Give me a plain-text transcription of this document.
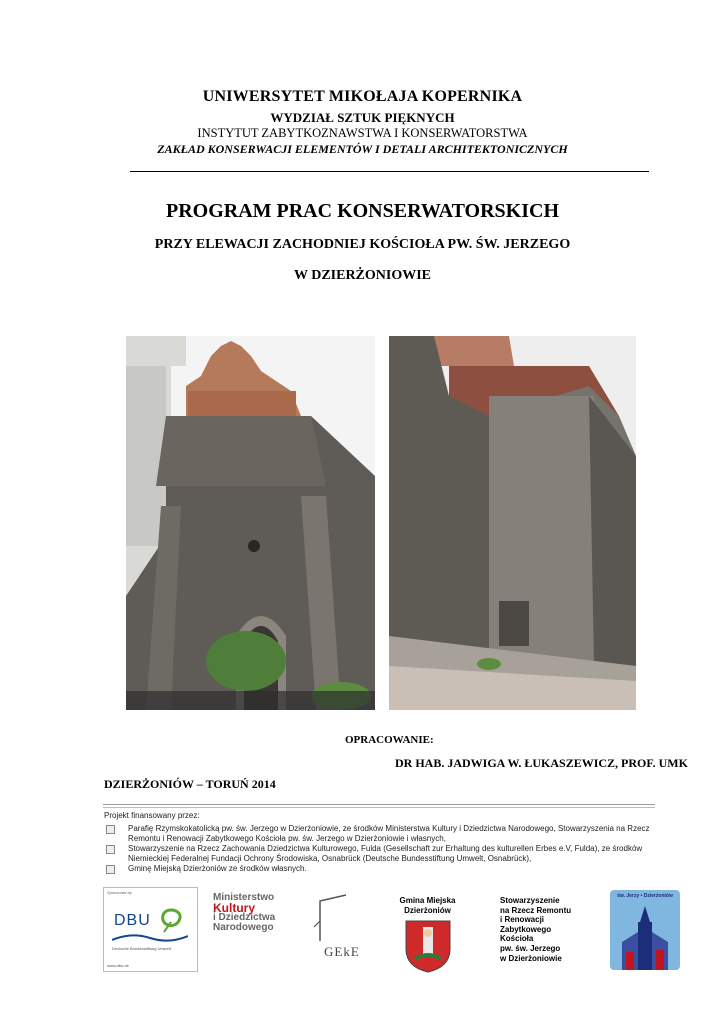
UNIWERSYTET MIKOŁAJA KOPERNIKA
WYDZIAŁ SZTUK PIĘKNYCH
INSTYTUT ZABYTKOZNAWSTWA I KONSERWATORSTWA
ZAKŁAD KONSERWACJI ELEMENTÓW I DETALI ARCHITEKTONICZNYCH
PROGRAM PRAC KONSERWATORSKICH
PRZY ELEWACJI ZACHODNIEJ KOŚCIOŁA PW. ŚW. JERZEGO
W DZIERŻONIOWIE
OPRACOWANIE:
DR HAB. JADWIGA W. ŁUKASZEWICZ, PROF. UMK
DZIERŻONIÓW – TORUŃ 2014
Projekt finansowany przez:
Parafię Rzymskokatolicką pw. św. Jerzego w Dzierżoniowie, ze środków Ministerstwa Kultury i Dziedzictwa Narodowego, Stowarzyszenia na Rzecz Remontu i Renowacji Zabytkowego Kościoła pw. św. Jerzego w Dzierżoniowie i własnych,
Stowarzyszenie na Rzecz Zachowania Dziedzictwa Kulturowego, Fulda (Gesellschaft zur Erhaltung des kulturellen Erbes e.V, Fulda), ze środków Niemieckiej Federalnej Fundacji Ochrony Środowiska, Osnabrück (Deutsche Bundesstiftung Umwelt, Osnabrück),
Gminę Miejską Dzierżoniów ze środków własnych.
Sponsored by
DBU
Deutsche Bundesstiftung Umwelt
www.dbu.de
Ministerstwo
Kultury
i Dziedzictwa
Narodowego
GEkE
Gmina Miejska
Dzierżoniów
Stowarzyszenie
na Rzecz Remontu
i Renowacji
Zabytkowego
Kościoła
pw. św. Jerzego
w Dzierżoniowie
św. Jerzy • Dzierżoniów
